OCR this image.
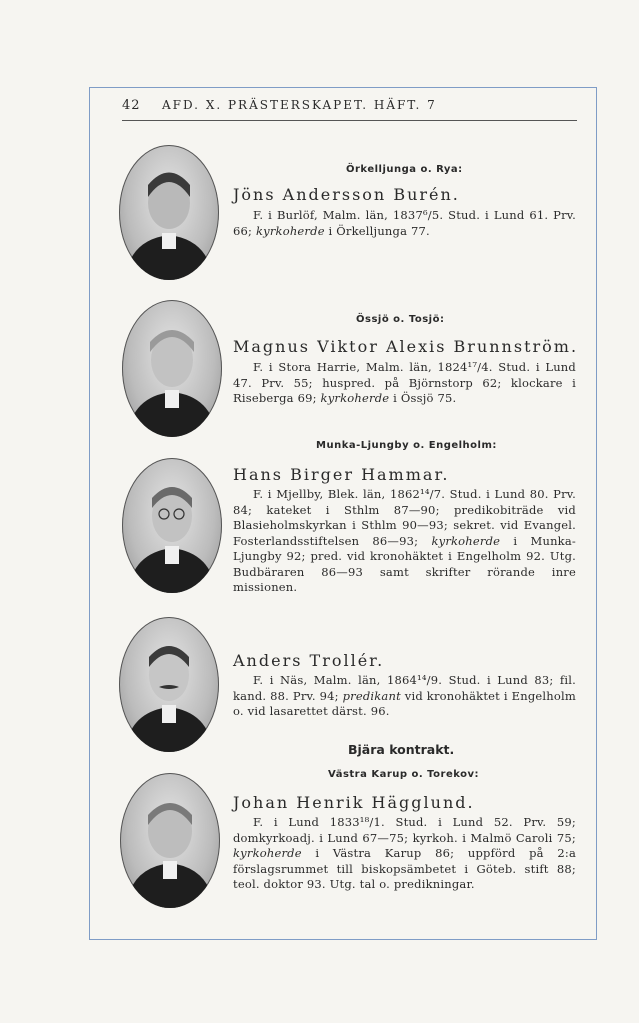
42	AFD. X. PRÄSTERSKAPET. HÄFT. 7
Örkelljunga o. Rya:
Jöns Andersson Burén.
F. i Burlöf, Malm. län, 1837⁶/5. Stud. i Lund 61. Prv. 66; kyrkoherde i Örkelljunga 77.
Össjö o. Tosjö:
Magnus Viktor Alexis Brunnström.
F. i Stora Harrie, Malm. län, 1824¹⁷/4. Stud. i Lund 47. Prv. 55; huspred. på Björnstorp 62; klockare i Riseberga 69; kyrkoherde i Össjö 75.
Munka-Ljungby o. Engelholm:
Hans Birger Hammar.
F. i Mjellby, Blek. län, 1862¹⁴/7. Stud. i Lund 80. Prv. 84; kateket i Sthlm 87—90; predikobiträde vid Blasieholmskyrkan i Sthlm 90—93; sekret. vid Evangel. Fosterlandsstiftelsen 86—93; kyrkoherde i Munka-Ljungby 92; pred. vid kronohäktet i Engelholm 92. Utg. Budbäraren 86—93 samt skrifter rörande inre missionen.
Anders Trollér.
F. i Näs, Malm. län, 1864¹⁴/9. Stud. i Lund 83; fil. kand. 88. Prv. 94; predikant vid kronohäktet i Engelholm o. vid lasarettet därst. 96.
Bjära kontrakt.
Västra Karup o. Torekov:
Johan Henrik Hägglund.
F. i Lund 1833¹⁸/1. Stud. i Lund 52. Prv. 59; domkyrkoadj. i Lund 67—75; kyrkoh. i Malmö Caroli 75; kyrkoherde i Västra Karup 86; uppförd på 2:a förslagsrummet till biskopsämbetet i Göteb. stift 88; teol. doktor 93. Utg. tal o. predikningar.
